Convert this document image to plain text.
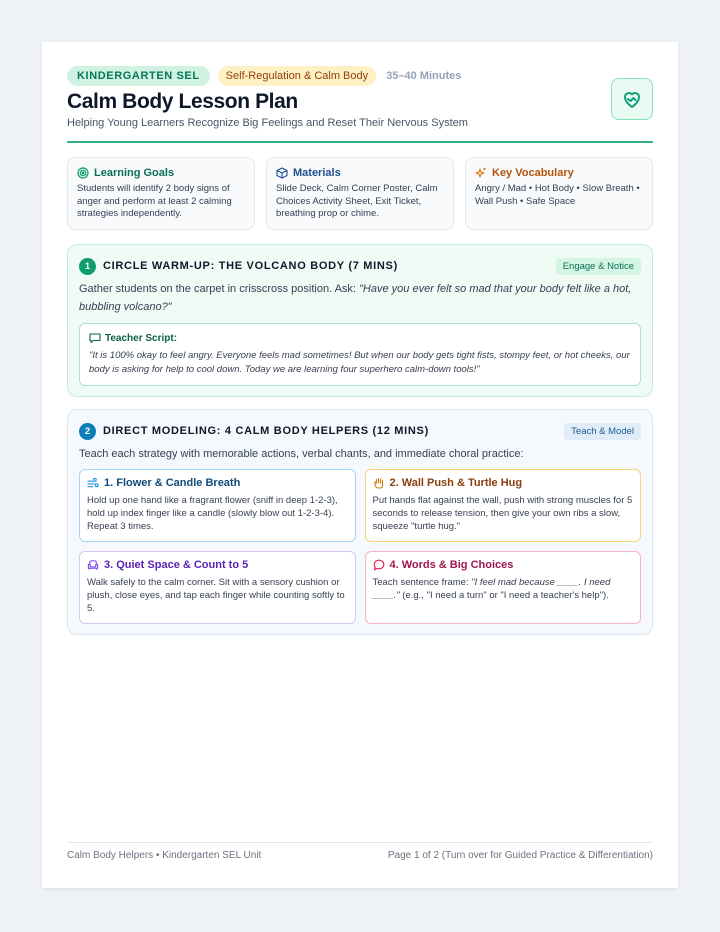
KINDERGARTEN SEL	Self-Regulation & Calm Body	35–40 Minutes
Calm Body Lesson Plan
Helping Young Learners Recognize Big Feelings and Reset Their Nervous System
Learning Goals
Students will identify 2 body signs of anger and perform at least 2 calming strategies independently.
Materials
Slide Deck, Calm Corner Poster, Calm Choices Activity Sheet, Exit Ticket, breathing prop or chime.
Key Vocabulary
Angry / Mad • Hot Body • Slow Breath • Wall Push • Safe Space
1	CIRCLE WARM-UP: THE VOLCANO BODY (7 MINS)	Engage & Notice
Gather students on the carpet in crisscross position. Ask: "Have you ever felt so mad that your body felt like a hot, bubbling volcano?"
Teacher Script:
"It is 100% okay to feel angry. Everyone feels mad sometimes! But when our body gets tight fists, stompy feet, or hot cheeks, our body is asking for help to cool down. Today we are learning four superhero calm-down tools!"
2	DIRECT MODELING: 4 CALM BODY HELPERS (12 MINS)	Teach & Model
Teach each strategy with memorable actions, verbal chants, and immediate choral practice:
1. Flower & Candle Breath
Hold up one hand like a fragrant flower (sniff in deep 1-2-3), hold up index finger like a candle (slowly blow out 1-2-3-4). Repeat 3 times.
2. Wall Push & Turtle Hug
Put hands flat against the wall, push with strong muscles for 5 seconds to release tension, then give your own ribs a slow, squeeze "turtle hug."
3. Quiet Space & Count to 5
Walk safely to the calm corner. Sit with a sensory cushion or plush, close eyes, and tap each finger while counting softly to 5.
4. Words & Big Choices
Teach sentence frame: "I feel mad because ____. I need ____." (e.g., "I need a turn" or "I need a teacher's help").
Calm Body Helpers • Kindergarten SEL Unit	Page 1 of 2 (Turn over for Guided Practice & Differentiation)
